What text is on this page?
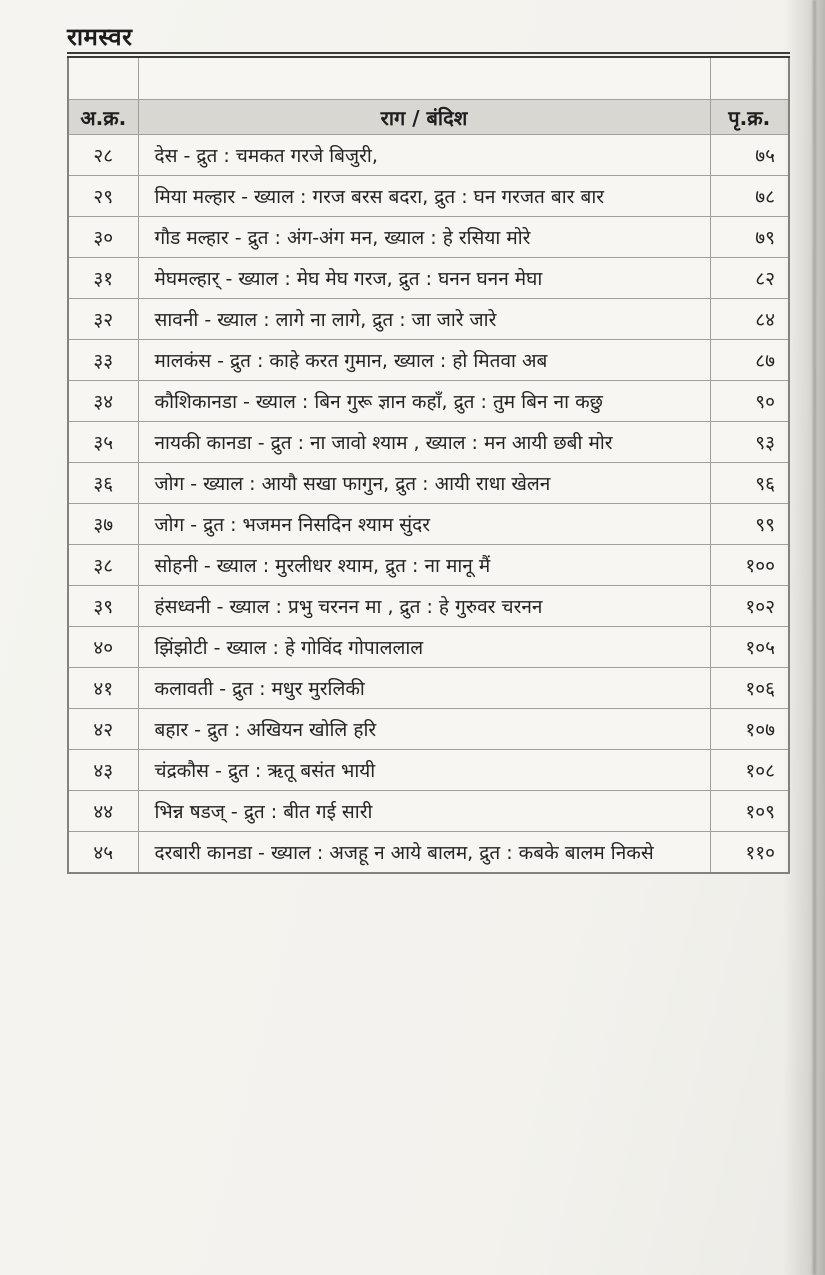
रामस्वर

अ.क्र.	राग / बंदिश	पृ.क्र.
२८	देस - द्रुत : चमकत गरजे बिजुरी,	७५
२९	मिया मल्हार - ख्याल : गरज बरस बदरा, द्रुत : घन गरजत बार बार	७८
३०	गौड मल्हार - द्रुत : अंग-अंग मन, ख्याल : हे रसिया मोरे	७९
३१	मेघमल्हार् - ख्याल : मेघ मेघ गरज, द्रुत : घनन घनन मेघा	८२
३२	सावनी - ख्याल : लागे ना लागे, द्रुत : जा जारे जारे	८४
३३	मालकंस - द्रुत : काहे करत गुमान, ख्याल : हो मितवा अब	८७
३४	कौशिकानडा - ख्याल : बिन गुरू ज्ञान कहाँ, द्रुत : तुम बिन ना कछु	९०
३५	नायकी कानडा - द्रुत : ना जावो श्याम , ख्याल : मन आयी छबी मोर	९३
३६	जोग - ख्याल : आयौ सखा फागुन, द्रुत : आयी राधा खेलन	९६
३७	जोग - द्रुत : भजमन निसदिन श्याम सुंदर	९९
३८	सोहनी - ख्याल : मुरलीधर श्याम, द्रुत : ना मानू मैं	१००
३९	हंसध्वनी - ख्याल : प्रभु चरनन मा , द्रुत : हे गुरुवर चरनन	१०२
४०	झिंझोटी - ख्याल : हे गोविंद गोपाललाल	१०५
४१	कलावती - द्रुत : मधुर मुरलिकी	१०६
४२	बहार - द्रुत : अखियन खोलि हरि	१०७
४३	चंद्रकौस - द्रुत : ऋतू बसंत भायी	१०८
४४	भिन्न षडज् - द्रुत : बीत गई सारी	१०९
४५	दरबारी कानडा - ख्याल : अजहू न आये बालम, द्रुत : कबके बालम निकसे	११०
